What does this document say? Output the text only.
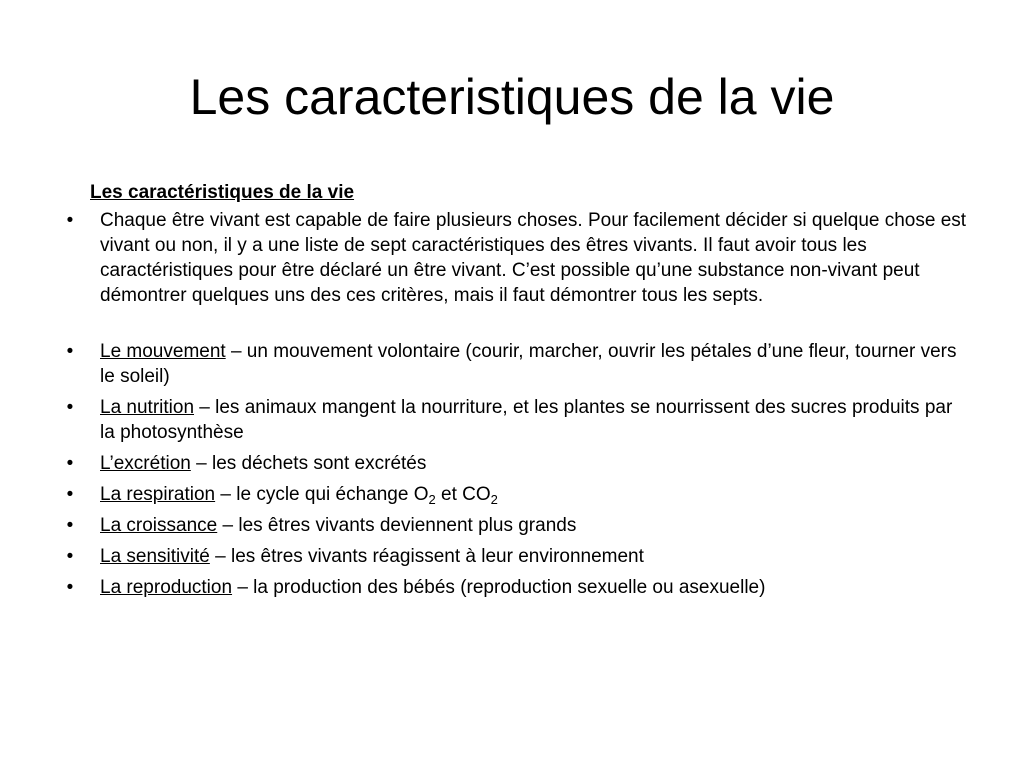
Les caracteristiques de la vie

Les caractéristiques de la vie

•	Chaque être vivant est capable de faire plusieurs choses. Pour facilement décider si quelque chose est vivant ou non, il y a une liste de sept caractéristiques des êtres vivants. Il faut avoir tous les caractéristiques pour être déclaré un être vivant. C’est possible qu’une substance non-vivant peut démontrer quelques uns des ces critères, mais il faut démontrer tous les septs.

•	Le mouvement – un mouvement volontaire (courir, marcher, ouvrir les pétales d’une fleur, tourner vers le soleil)

•	La nutrition – les animaux mangent la nourriture, et les plantes se nourrissent des sucres produits par la photosynthèse

•	L’excrétion – les déchets sont excrétés

•	La respiration – le cycle qui échange $O_2$ et $CO_2$

•	La croissance – les êtres vivants deviennent plus grands

•	La sensitivité – les êtres vivants réagissent à leur environnement

•	La reproduction – la production des bébés (reproduction sexuelle ou asexuelle)
